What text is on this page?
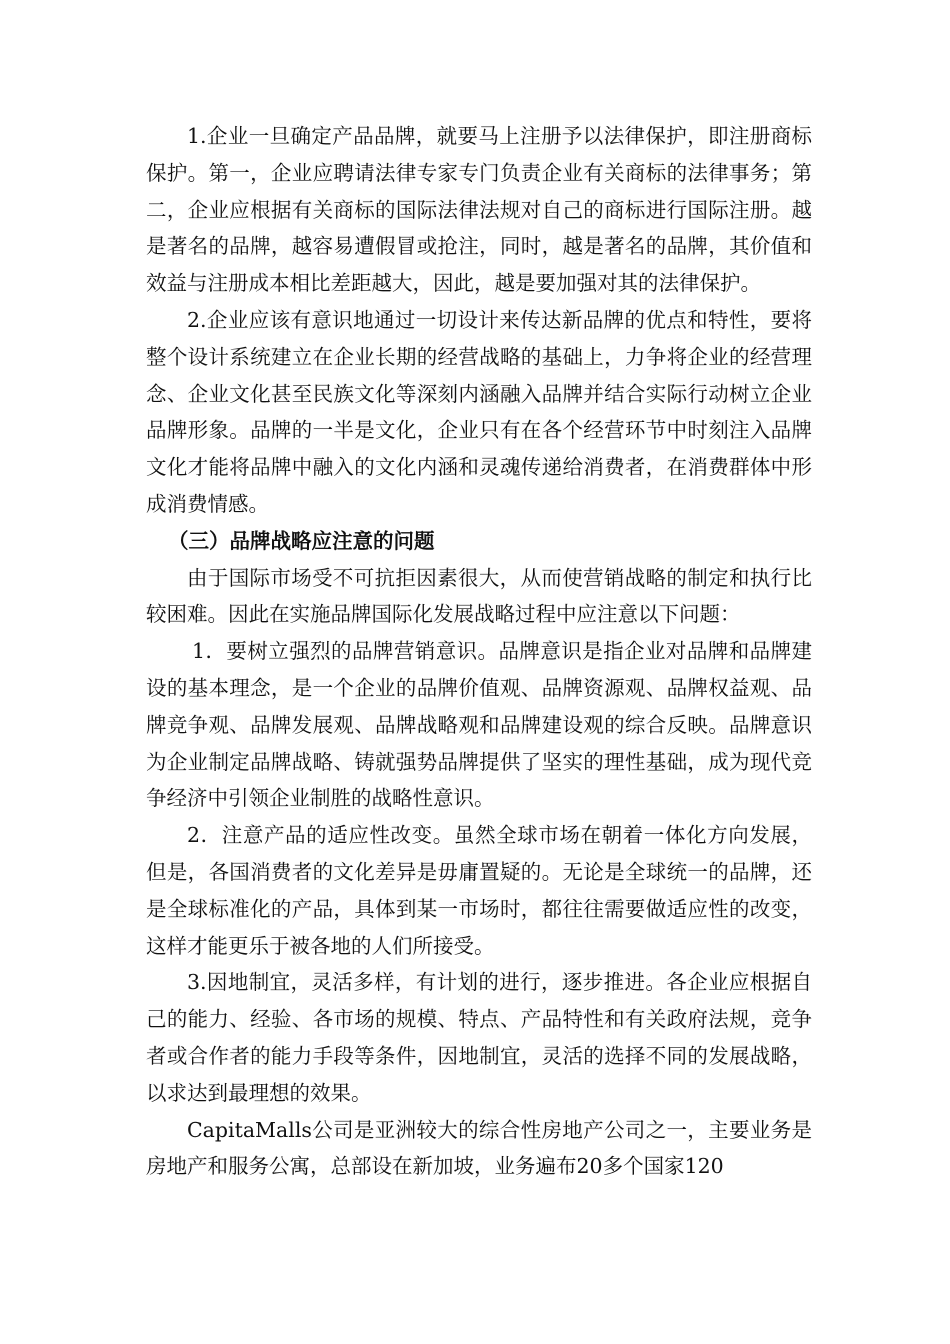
1.企业一旦确定产品品牌，就要马上注册予以法律保护，即注册商标保护。第一，企业应聘请法律专家专门负责企业有关商标的法律事务；第二，企业应根据有关商标的国际法律法规对自己的商标进行国际注册。越是著名的品牌，越容易遭假冒或抢注，同时，越是著名的品牌，其价值和效益与注册成本相比差距越大，因此，越是要加强对其的法律保护。

2.企业应该有意识地通过一切设计来传达新品牌的优点和特性，要将整个设计系统建立在企业长期的经营战略的基础上，力争将企业的经营理念、企业文化甚至民族文化等深刻内涵融入品牌并结合实际行动树立企业品牌形象。品牌的一半是文化，企业只有在各个经营环节中时刻注入品牌文化才能将品牌中融入的文化内涵和灵魂传递给消费者，在消费群体中形成消费情感。

（三）品牌战略应注意的问题

由于国际市场受不可抗拒因素很大，从而使营销战略的制定和执行比较困难。因此在实施品牌国际化发展战略过程中应注意以下问题：

1．要树立强烈的品牌营销意识。品牌意识是指企业对品牌和品牌建设的基本理念，是一个企业的品牌价值观、品牌资源观、品牌权益观、品牌竞争观、品牌发展观、品牌战略观和品牌建设观的综合反映。品牌意识为企业制定品牌战略、铸就强势品牌提供了坚实的理性基础，成为现代竞争经济中引领企业制胜的战略性意识。

2．注意产品的适应性改变。虽然全球市场在朝着一体化方向发展，但是，各国消费者的文化差异是毋庸置疑的。无论是全球统一的品牌，还是全球标准化的产品，具体到某一市场时，都往往需要做适应性的改变，这样才能更乐于被各地的人们所接受。

3.因地制宜，灵活多样，有计划的进行，逐步推进。各企业应根据自己的能力、经验、各市场的规模、特点、产品特性和有关政府法规，竞争者或合作者的能力手段等条件，因地制宜，灵活的选择不同的发展战略，以求达到最理想的效果。

CapitaMalls公司是亚洲较大的综合性房地产公司之一，主要业务是房地产和服务公寓，总部设在新加坡，业务遍布20多个国家120
